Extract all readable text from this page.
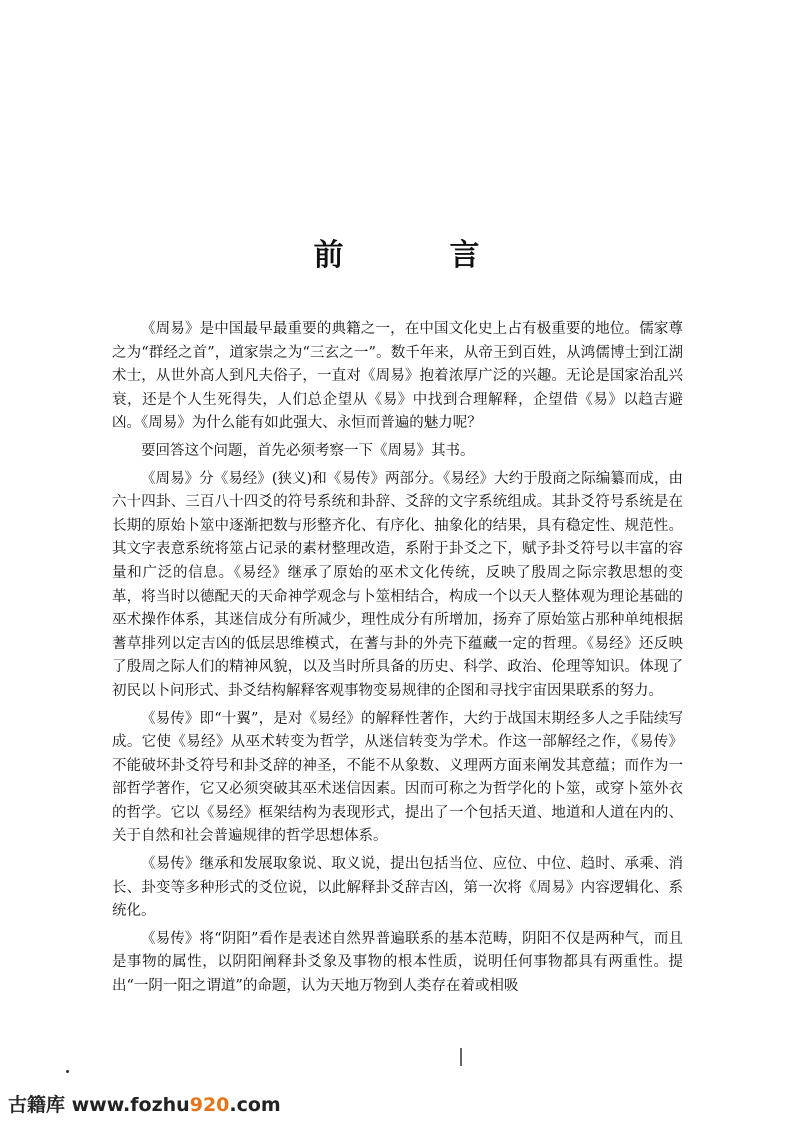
前　言

《周易》是中国最早最重要的典籍之一，在中国文化史上占有极重要的地位。儒家尊之为“群经之首”，道家崇之为“三玄之一”。数千年来，从帝王到百姓，从鸿儒博士到江湖术士，从世外高人到凡夫俗子，一直对《周易》抱着浓厚广泛的兴趣。无论是国家治乱兴衰，还是个人生死得失，人们总企望从《易》中找到合理解释，企望借《易》以趋吉避凶。《周易》为什么能有如此强大、永恒而普遍的魅力呢？

要回答这个问题，首先必须考察一下《周易》其书。

《周易》分《易经》(狭义)和《易传》两部分。《易经》大约于殷商之际编纂而成，由六十四卦、三百八十四爻的符号系统和卦辞、爻辞的文字系统组成。其卦爻符号系统是在长期的原始卜筮中逐渐把数与形整齐化、有序化、抽象化的结果，具有稳定性、规范性。其文字表意系统将筮占记录的素材整理改造，系附于卦爻之下，赋予卦爻符号以丰富的容量和广泛的信息。《易经》继承了原始的巫术文化传统，反映了殷周之际宗教思想的变革，将当时以德配天的天命神学观念与卜筮相结合，构成一个以天人整体观为理论基础的巫术操作体系，其迷信成分有所减少，理性成分有所增加，扬弃了原始筮占那种单纯根据蓍草排列以定吉凶的低层思维模式，在蓍与卦的外壳下蕴藏一定的哲理。《易经》还反映了殷周之际人们的精神风貌，以及当时所具备的历史、科学、政治、伦理等知识。体现了初民以卜问形式、卦爻结构解释客观事物变易规律的企图和寻找宇宙因果联系的努力。

《易传》即“十翼”，是对《易经》的解释性著作，大约于战国末期经多人之手陆续写成。它使《易经》从巫术转变为哲学，从迷信转变为学术。作这一部解经之作，《易传》不能破坏卦爻符号和卦爻辞的神圣，不能不从象数、义理两方面来阐发其意蕴；而作为一部哲学著作，它又必须突破其巫术迷信因素。因而可称之为哲学化的卜筮，或穿卜筮外衣的哲学。它以《易经》框架结构为表现形式，提出了一个包括天道、地道和人道在内的、关于自然和社会普遍规律的哲学思想体系。

《易传》继承和发展取象说、取义说，提出包括当位、应位、中位、趋时、承乘、消长、卦变等多种形式的爻位说，以此解释卦爻辞吉凶，第一次将《周易》内容逻辑化、系统化。

《易传》将“阴阳”看作是表述自然界普遍联系的基本范畴，阴阳不仅是两种气，而且是事物的属性，以阴阳阐释卦爻象及事物的根本性质，说明任何事物都具有两重性。提出“一阴一阳之谓道”的命题，认为天地万物到人类存在着或相吸

古籍库 www.fozhu920.com
